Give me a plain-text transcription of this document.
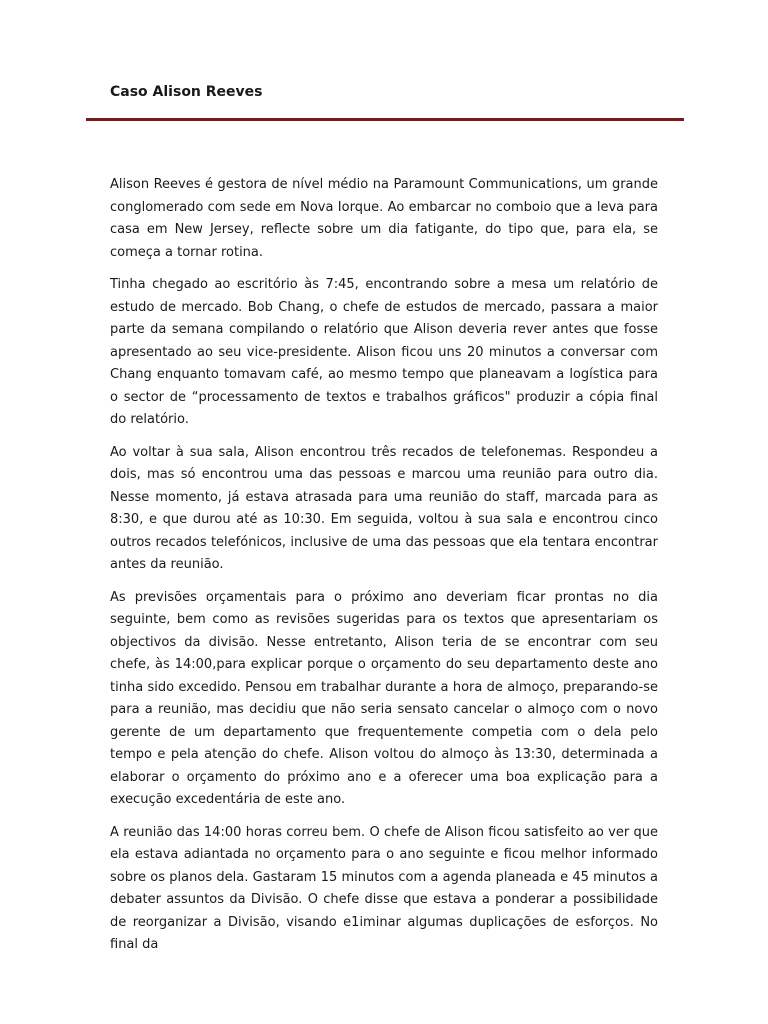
Caso Alison Reeves

Alison Reeves é gestora de nível médio na Paramount Communications, um grande conglomerado com sede em Nova Iorque. Ao embarcar no comboio que a leva para casa em New Jersey, reflecte sobre um dia fatigante, do tipo que, para ela, se começa a tornar rotina.

Tinha chegado ao escritório às 7:45, encontrando sobre a mesa um relatório de estudo de mercado. Bob Chang, o chefe de estudos de mercado, passara a maior parte da semana compilando o relatório que Alison deveria rever antes que fosse apresentado ao seu vice-presidente. Alison ficou uns 20 minutos a conversar com Chang enquanto tomavam café, ao mesmo tempo que planeavam a logística para o sector de “processamento de textos e trabalhos gráficos" produzir a cópia final do relatório.

Ao voltar à sua sala, Alison encontrou três recados de telefonemas. Respondeu a dois, mas só encontrou uma das pessoas e marcou uma reunião para outro dia. Nesse momento, já estava atrasada para uma reunião do staff, marcada para as 8:30, e que durou até as 10:30. Em seguida, voltou à sua sala e encontrou cinco outros recados telefónicos, inclusive de uma das pessoas que ela tentara encontrar antes da reunião.

As previsões orçamentais para o próximo ano deveriam ficar prontas no dia seguinte, bem como as revisões sugeridas para os textos que apresentariam os objectivos da divisão. Nesse entretanto, Alison teria de se encontrar com seu chefe, às 14:00,para explicar porque o orçamento do seu departamento deste ano tinha sido excedido. Pensou em trabalhar durante a hora de almoço, preparando-se para a reunião, mas decidiu que não seria sensato cancelar o almoço com o novo gerente de um departamento que frequentemente competia com o dela pelo tempo e pela atenção do chefe. Alison voltou do almoço às 13:30, determinada a elaborar o orçamento do próximo ano e a oferecer uma boa explicação para a execução excedentária de este ano.

A reunião das 14:00 horas correu bem. O chefe de Alison ficou satisfeito ao ver que ela estava adiantada no orçamento para o ano seguinte e ficou melhor informado sobre os planos dela. Gastaram 15 minutos com a agenda planeada e 45 minutos a debater assuntos da Divisão. O chefe disse que estava a ponderar a possibilidade de reorganizar a Divisão, visando e1iminar algumas duplicações de esforços. No final da
